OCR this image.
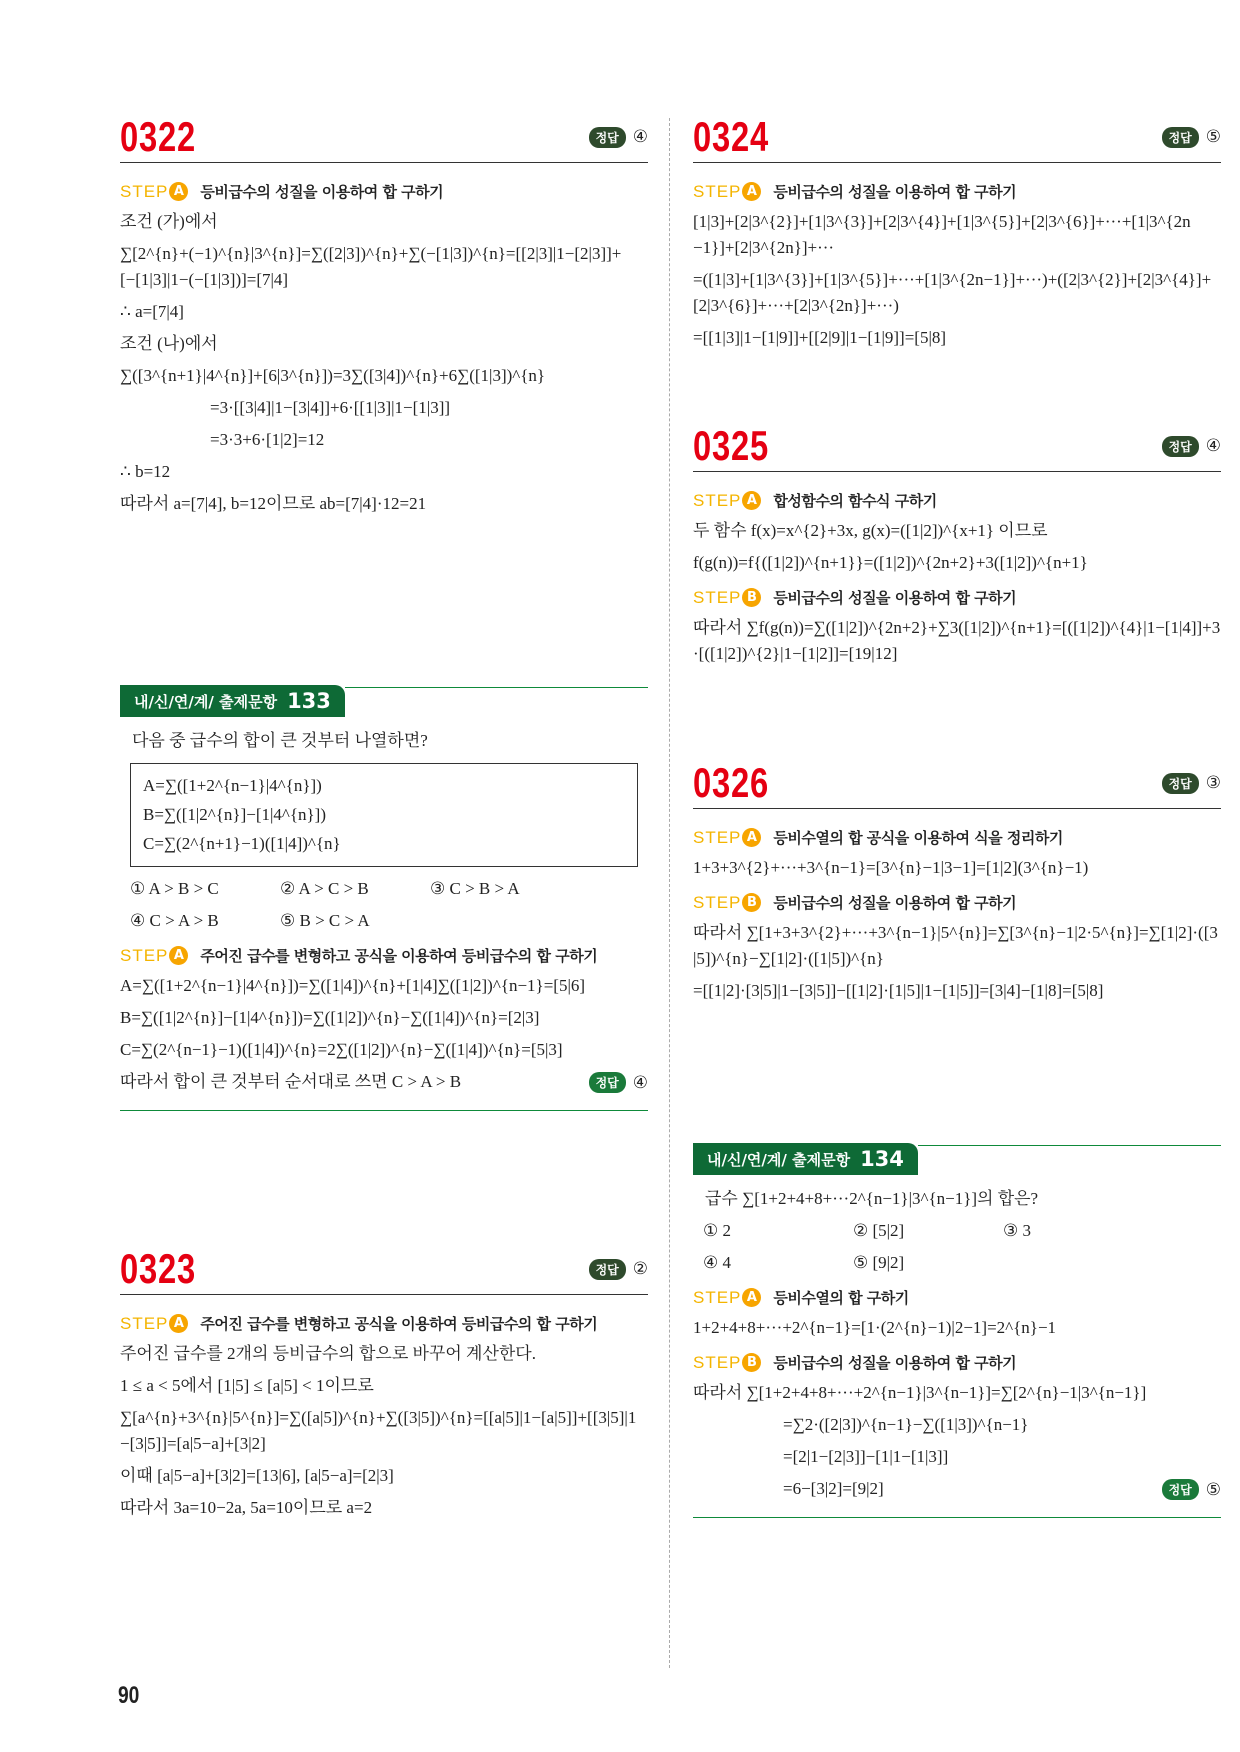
0322	정답 ④
STEP A 등비급수의 성질을 이용하여 합 구하기
조건 (가)에서
∑[2^{n}+(−1)^{n}|3^{n}]=∑([2|3])^{n}+∑(−[1|3])^{n}=[[2|3]|1−[2|3]]+[−[1|3]|1−(−[1|3])]=[7|4]
∴ a=[7|4]
조건 (나)에서
∑([3^{n+1}|4^{n}]+[6|3^{n}])=3∑([3|4])^{n}+6∑([1|3])^{n}
=3·[[3|4]|1−[3|4]]+6·[[1|3]|1−[1|3]]
=3·3+6·[1|2]=12
∴ b=12
따라서 a=[7|4], b=12이므로 ab=[7|4]·12=21
내/신/연/계/ 출제문항 133
다음 중 급수의 합이 큰 것부터 나열하면?
A=∑([1+2^{n−1}|4^{n}])
B=∑([1|2^{n}]−[1|4^{n}])
C=∑(2^{n+1}−1)([1|4])^{n}
① A > B > C	② A > C > B	③ C > B > A
④ C > A > B	⑤ B > C > A
STEP A 주어진 급수를 변형하고 공식을 이용하여 등비급수의 합 구하기
A=∑([1+2^{n−1}|4^{n}])=∑([1|4])^{n}+[1|4]∑([1|2])^{n−1}=[5|6]
B=∑([1|2^{n}]−[1|4^{n}])=∑([1|2])^{n}−∑([1|4])^{n}=[2|3]
C=∑(2^{n−1}−1)([1|4])^{n}=2∑([1|2])^{n}−∑([1|4])^{n}=[5|3]
따라서 합이 큰 것부터 순서대로 쓰면 C > A > B	정답 ④
0323	정답 ②
STEP A 주어진 급수를 변형하고 공식을 이용하여 등비급수의 합 구하기
주어진 급수를 2개의 등비급수의 합으로 바꾸어 계산한다.
1 ≤ a < 5에서 [1|5] ≤ [a|5] < 1이므로
∑[a^{n}+3^{n}|5^{n}]=∑([a|5])^{n}+∑([3|5])^{n}=[[a|5]|1−[a|5]]+[[3|5]|1−[3|5]]=[a|5−a]+[3|2]
이때 [a|5−a]+[3|2]=[13|6], [a|5−a]=[2|3]
따라서 3a=10−2a, 5a=10이므로 a=2
0324	정답 ⑤
STEP A 등비급수의 성질을 이용하여 합 구하기
[1|3]+[2|3^{2}]+[1|3^{3}]+[2|3^{4}]+[1|3^{5}]+[2|3^{6}]+···+[1|3^{2n−1}]+[2|3^{2n}]+···
=([1|3]+[1|3^{3}]+[1|3^{5}]+···+[1|3^{2n−1}]+···)+([2|3^{2}]+[2|3^{4}]+[2|3^{6}]+···+[2|3^{2n}]+···)
=[[1|3]|1−[1|9]]+[[2|9]|1−[1|9]]=[5|8]
0325	정답 ④
STEP A 합성함수의 함수식 구하기
두 함수 f(x)=x^{2}+3x, g(x)=([1|2])^{x+1} 이므로
f(g(n))=f{([1|2])^{n+1}}=([1|2])^{2n+2}+3([1|2])^{n+1}
STEP B	등비급수의 성질을 이용하여 합 구하기
따라서 ∑f(g(n))=∑([1|2])^{2n+2}+∑3([1|2])^{n+1}=[([1|2])^{4}|1−[1|4]]+3·[([1|2])^{2}|1−[1|2]]=[19|12]
0326	정답 ③
STEP A 등비수열의 합 공식을 이용하여 식을 정리하기
1+3+3^{2}+···+3^{n−1}=[3^{n}−1|3−1]=[1|2](3^{n}−1)
STEP B	등비급수의 성질을 이용하여 합 구하기
따라서 ∑[1+3+3^{2}+···+3^{n−1}|5^{n}]=∑[3^{n}−1|2·5^{n}]=∑[1|2]·([3|5])^{n}−∑[1|2]·([1|5])^{n}
=[[1|2]·[3|5]|1−[3|5]]−[[1|2]·[1|5]|1−[1|5]]=[3|4]−[1|8]=[5|8]
내/신/연/계/ 출제문항 134
급수 ∑[1+2+4+8+···2^{n−1}|3^{n−1}]의 합은?
① 2	② [5|2]	③ 3
④ 4	⑤ [9|2]
STEP A 등비수열의 합 구하기
1+2+4+8+···+2^{n−1}=[1·(2^{n}−1)|2−1]=2^{n}−1
STEP B	등비급수의 성질을 이용하여 합 구하기
따라서 ∑[1+2+4+8+···+2^{n−1}|3^{n−1}]=∑[2^{n}−1|3^{n−1}]
=∑2·([2|3])^{n−1}−∑([1|3])^{n−1}
=[2|1−[2|3]]−[1|1−[1|3]]
=6−[3|2]=[9|2]	정답 ⑤
90
